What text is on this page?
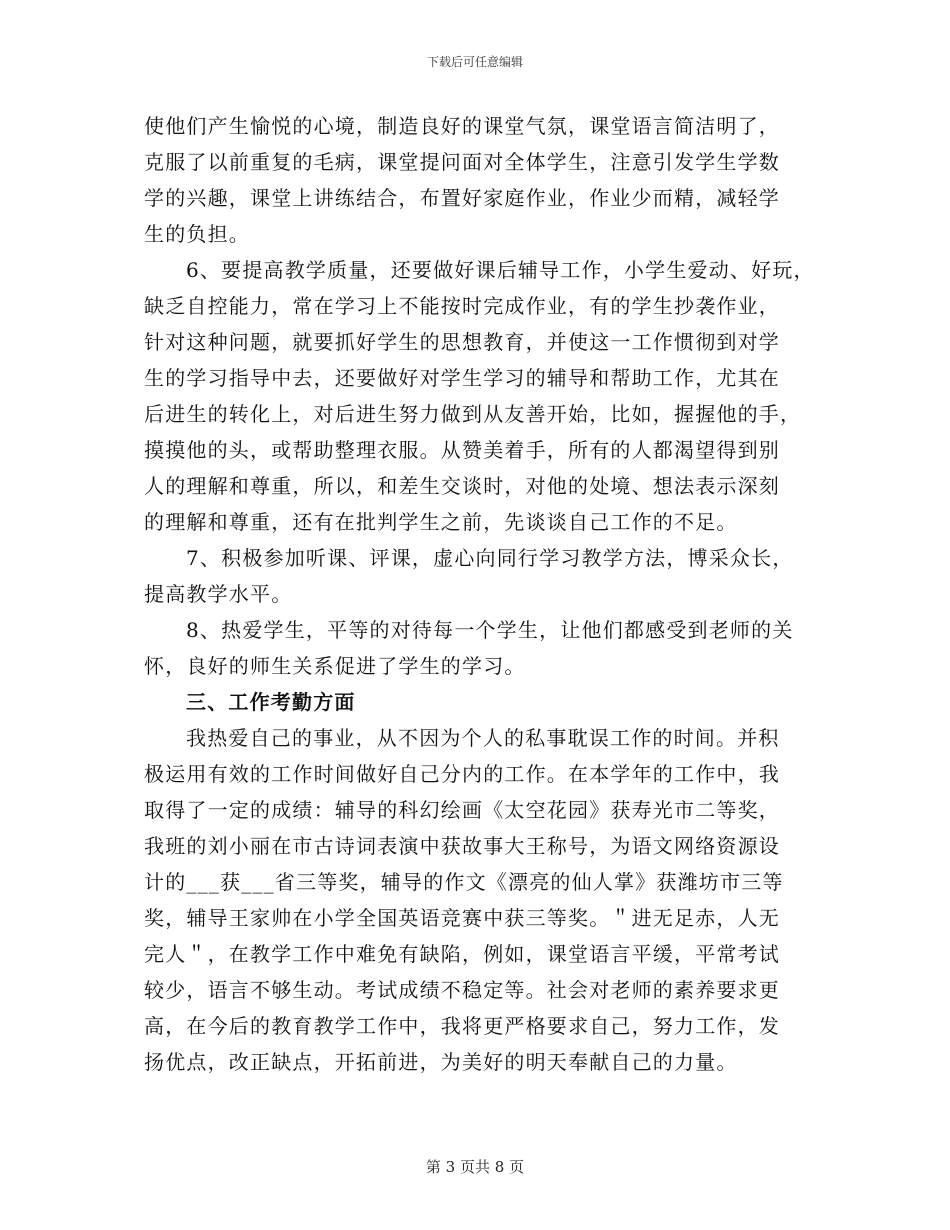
下载后可任意编辑
使他们产生愉悦的心境，制造良好的课堂气氛，课堂语言简洁明了，
克服了以前重复的毛病，课堂提问面对全体学生，注意引发学生学数
学的兴趣，课堂上讲练结合，布置好家庭作业，作业少而精，减轻学
生的负担。
6、要提高教学质量，还要做好课后辅导工作，小学生爱动、好玩，
缺乏自控能力，常在学习上不能按时完成作业，有的学生抄袭作业，
针对这种问题，就要抓好学生的思想教育，并使这一工作惯彻到对学
生的学习指导中去，还要做好对学生学习的辅导和帮助工作，尤其在
后进生的转化上，对后进生努力做到从友善开始，比如，握握他的手，
摸摸他的头，或帮助整理衣服。从赞美着手，所有的人都渴望得到别
人的理解和尊重，所以，和差生交谈时，对他的处境、想法表示深刻
的理解和尊重，还有在批判学生之前，先谈谈自己工作的不足。
7、积极参加听课、评课，虚心向同行学习教学方法，博采众长，
提高教学水平。
8、热爱学生，平等的对待每一个学生，让他们都感受到老师的关
怀，良好的师生关系促进了学生的学习。
三、工作考勤方面
我热爱自己的事业，从不因为个人的私事耽误工作的时间。并积
极运用有效的工作时间做好自己分内的工作。在本学年的工作中，我
取得了一定的成绩：辅导的科幻绘画《太空花园》获寿光市二等奖，
我班的刘小丽在市古诗词表演中获故事大王称号，为语文网络资源设
计的___获___省三等奖，辅导的作文《漂亮的仙人掌》获潍坊市三等
奖，辅导王家帅在小学全国英语竞赛中获三等奖。＂进无足赤，人无
完人＂，在教学工作中难免有缺陷，例如，课堂语言平缓，平常考试
较少，语言不够生动。考试成绩不稳定等。社会对老师的素养要求更
高，在今后的教育教学工作中，我将更严格要求自己，努力工作，发
扬优点，改正缺点，开拓前进，为美好的明天奉献自己的力量。
第 3 页共 8 页
